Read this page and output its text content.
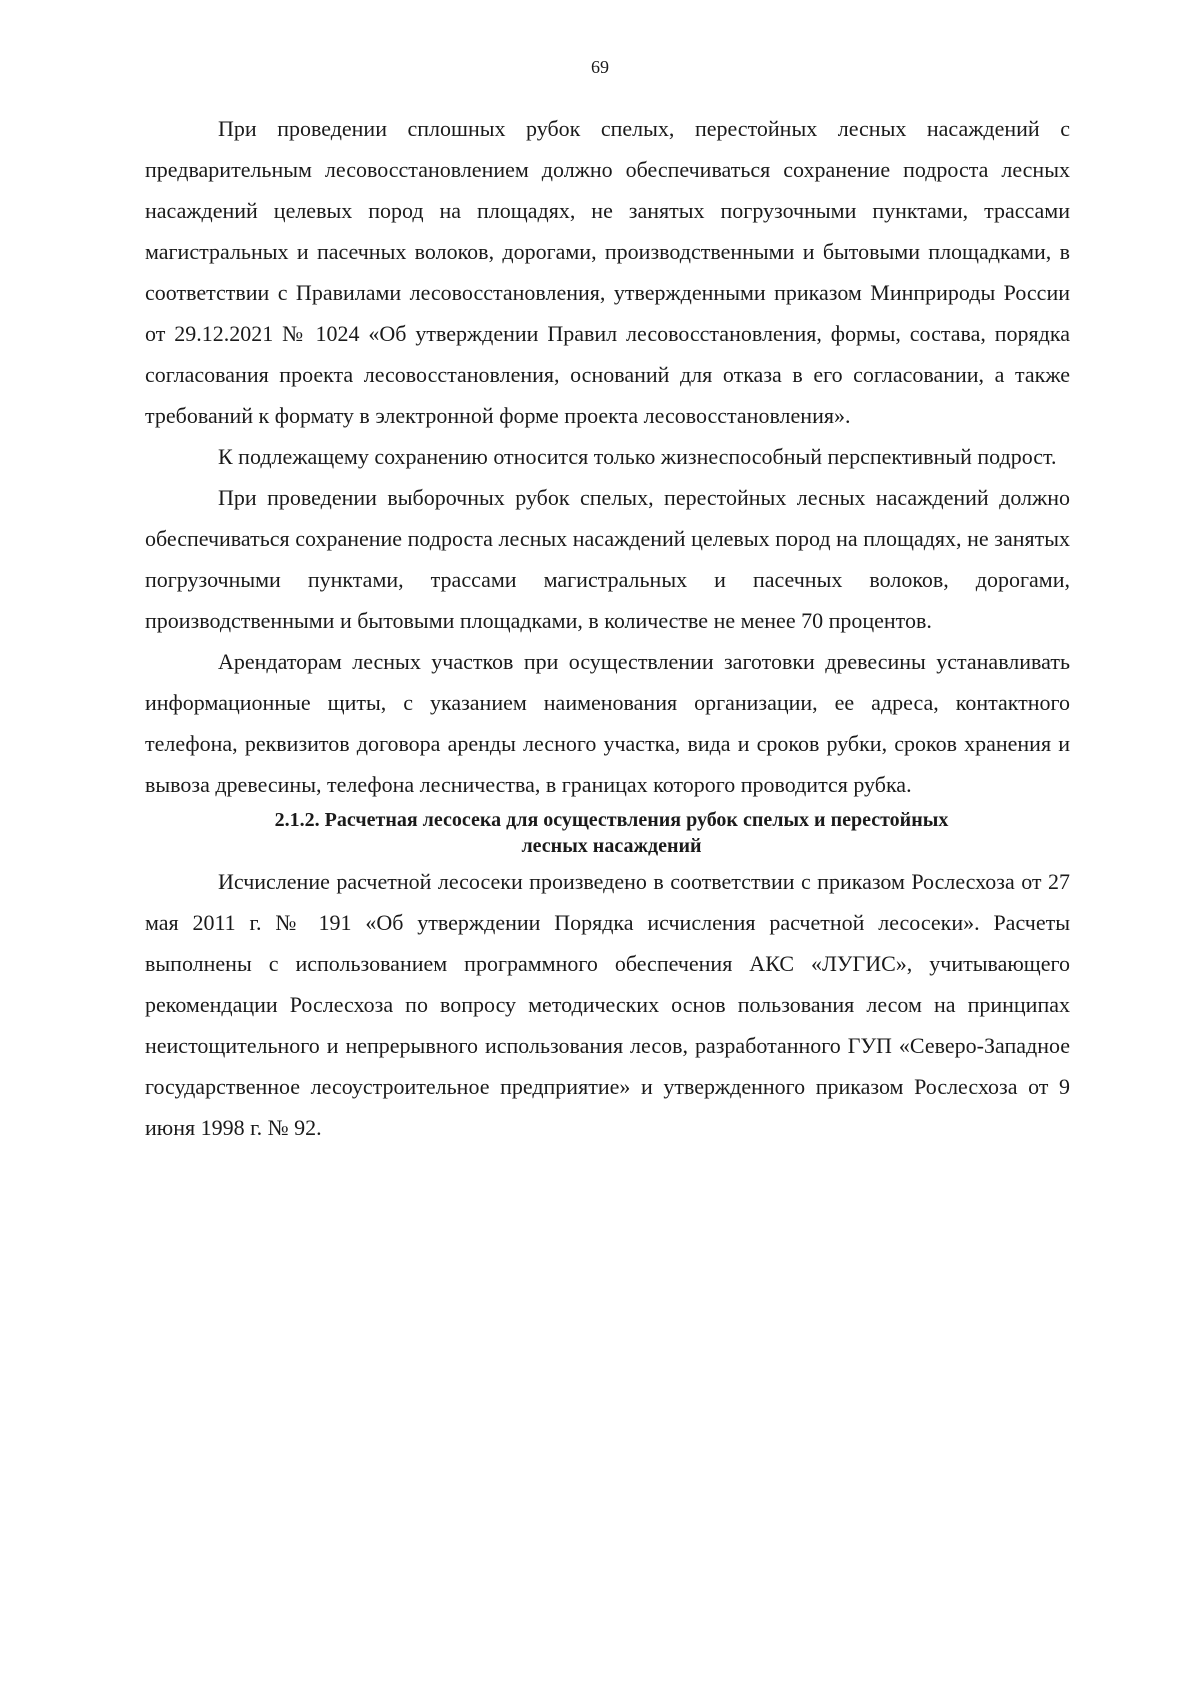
69

При проведении сплошных рубок спелых, перестойных лесных насаждений с предварительным лесовосстановлением должно обеспечиваться сохранение подроста лесных насаждений целевых пород на площадях, не занятых погрузочными пунктами, трассами магистральных и пасечных волоков, дорогами, производственными и бытовыми площадками, в соответствии с Правилами лесовосстановления, утвержденными приказом Минприроды России от 29.12.2021 № 1024 «Об утверждении Правил лесовосстановления, формы, состава, порядка согласования проекта лесовосстановления, оснований для отказа в его согласовании, а также требований к формату в электронной форме проекта лесовосстановления».

К подлежащему сохранению относится только жизнеспособный перспективный подрост.

При проведении выборочных рубок спелых, перестойных лесных насаждений должно обеспечиваться сохранение подроста лесных насаждений целевых пород на площадях, не занятых погрузочными пунктами, трассами магистральных и пасечных волоков, дорогами, производственными и бытовыми площадками, в количестве не менее 70 процентов.

Арендаторам лесных участков при осуществлении заготовки древесины устанавливать информационные щиты, с указанием наименования организации, ее адреса, контактного телефона, реквизитов договора аренды лесного участка, вида и сроков рубки, сроков хранения и вывоза древесины, телефона лесничества, в границах которого проводится рубка.

2.1.2. Расчетная лесосека для осуществления рубок спелых и перестойных
лесных насаждений

Исчисление расчетной лесосеки произведено в соответствии с приказом Рослесхоза от 27 мая 2011 г. № 191 «Об утверждении Порядка исчисления расчетной лесосеки». Расчеты выполнены с использованием программного обеспечения АКС «ЛУГИС», учитывающего рекомендации Рослесхоза по вопросу методических основ пользования лесом на принципах неистощительного и непрерывного использования лесов, разработанного ГУП «Северо-Западное государственное лесоустроительное предприятие» и утвержденного приказом Рослесхоза от 9 июня 1998 г. № 92.
